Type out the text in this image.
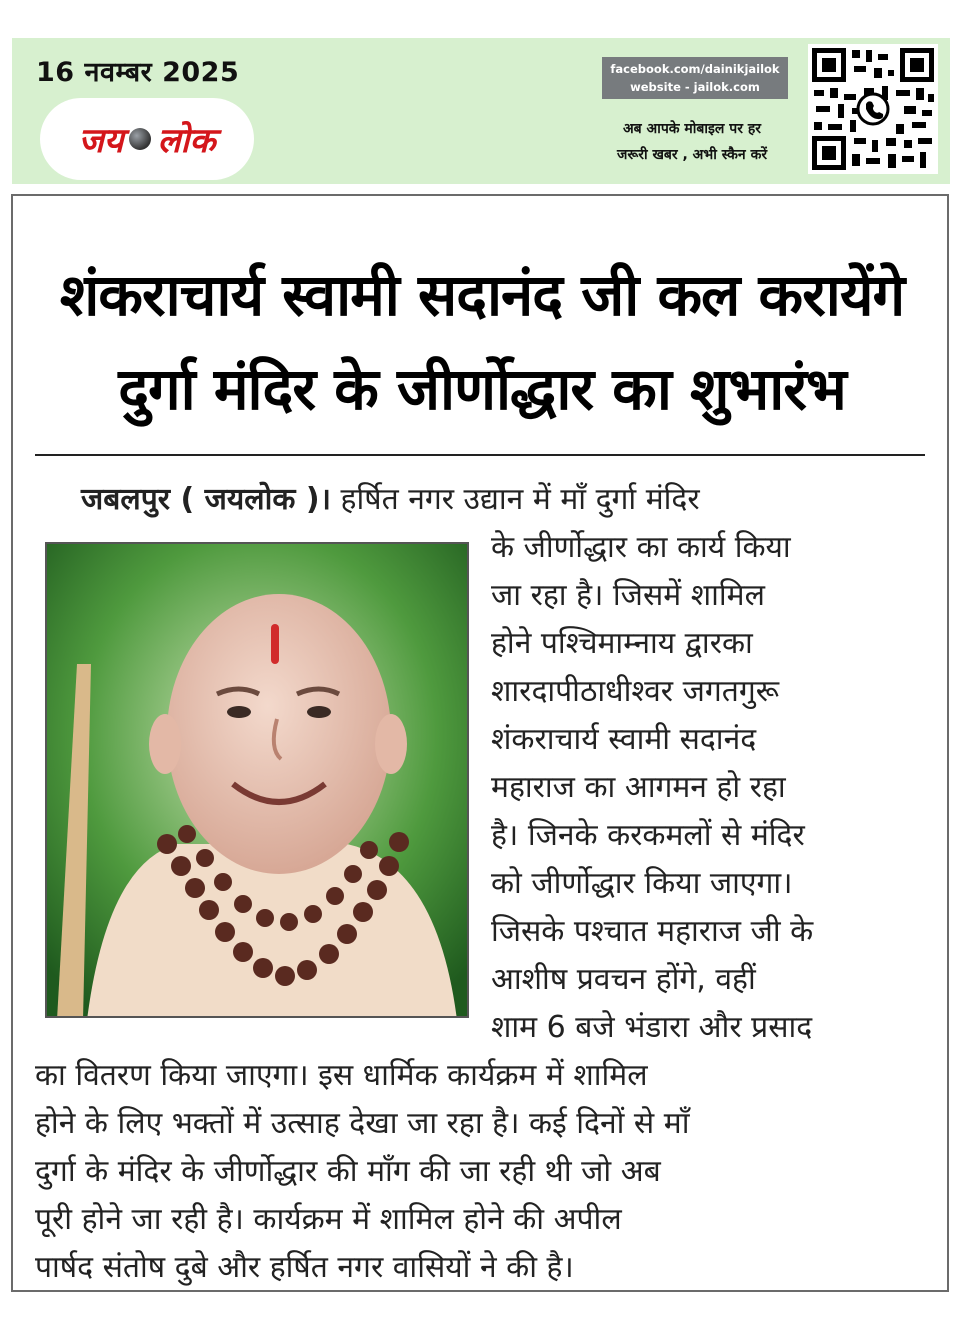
16 नवम्बर 2025
जय लोक
facebook.com/dainikjailok
website - jailok.com
अब आपके मोबाइल पर हर
जरूरी खबर , अभी स्कैन करें
शंकराचार्य स्वामी सदानंद जी कल करायेंगे
दुर्गा मंदिर के जीर्णोद्धार का शुभारंभ
जबलपुर ( जयलोक )। हर्षित नगर उद्यान में माँ दुर्गा मंदिर
के जीर्णोद्धार का कार्य किया
जा रहा है। जिसमें शामिल
होने पश्चिमाम्नाय द्वारका
शारदापीठाधीश्वर जगतगुरू
शंकराचार्य स्वामी सदानंद
महाराज का आगमन हो रहा
है। जिनके करकमलों से मंदिर
को जीर्णोद्धार किया जाएगा।
जिसके पश्चात महाराज जी के
आशीष प्रवचन होंगे, वहीं
शाम 6 बजे भंडारा और प्रसाद
का वितरण किया जाएगा। इस धार्मिक कार्यक्रम में शामिल
होने के लिए भक्तों में उत्साह देखा जा रहा है। कई दिनों से माँ
दुर्गा के मंदिर के जीर्णोद्धार की माँग की जा रही थी जो अब
पूरी होने जा रही है। कार्यक्रम में शामिल होने की अपील
पार्षद संतोष दुबे और हर्षित नगर वासियों ने की है।
